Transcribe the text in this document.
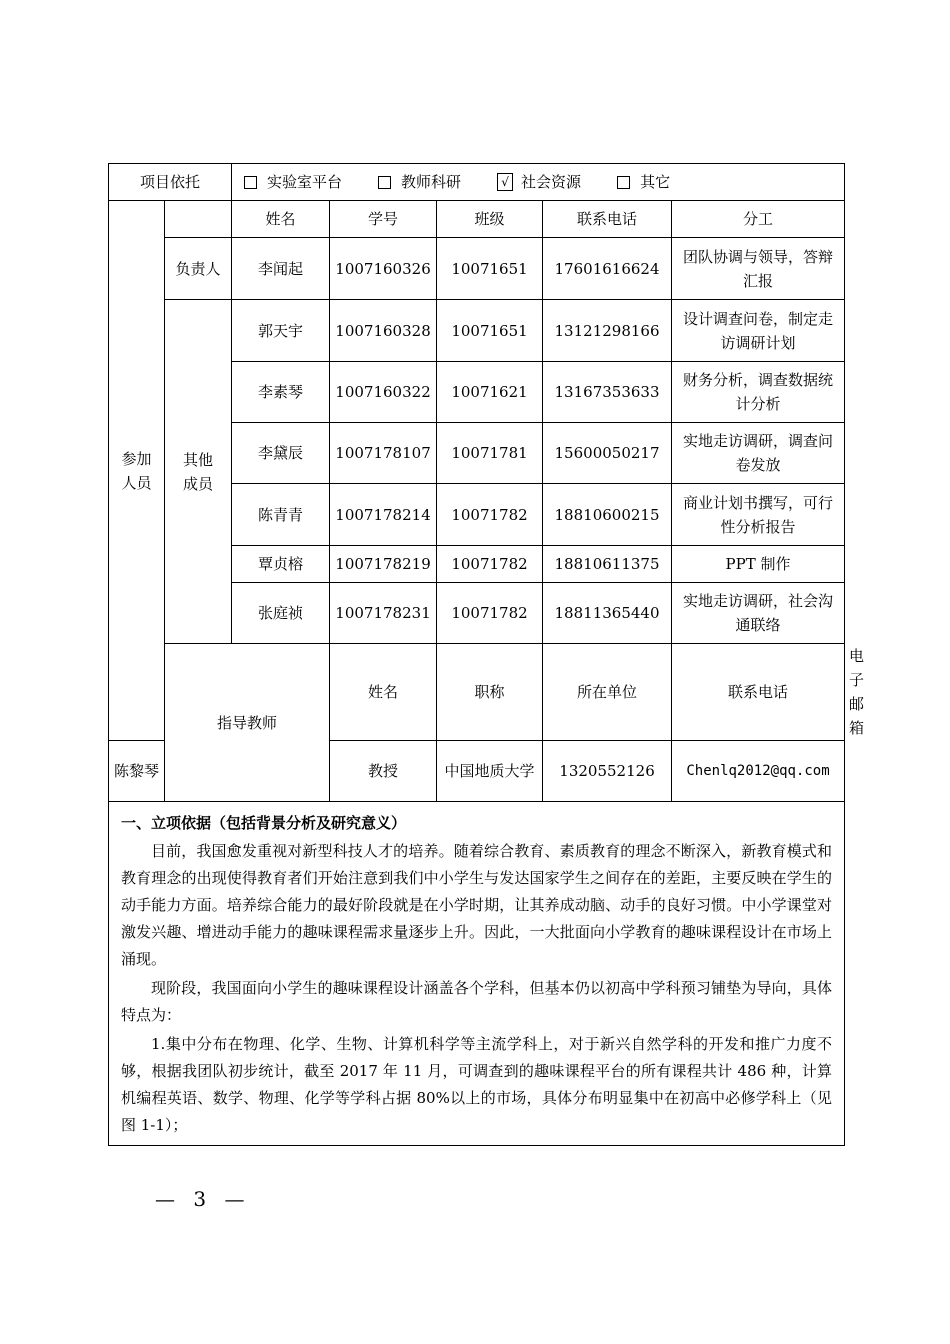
项目依托		实验室平台 教师科研 √ 社会资源 其它					

参加人员		姓名	学号	班级	联系电话	分工	
	负责人	李闻起	1007160326	10071651	17601616624	团队协调与领导，答辩汇报	

	其他成员	郭天宇	1007160328	10071651	13121298166	设计调查问卷，制定走访调研计划	
		李素琴	1007160322	10071621	13167353633	财务分析，调查数据统计分析	
		李黛辰	1007178107	10071781	15600050217	实地走访调研，调查问卷发放	
		陈青青	1007178214	10071782	18810600215	商业计划书撰写，可行性分析报告	
		覃贞榕	1007178219	10071782	18810611375	PPT 制作	
		张庭祯	1007178231	10071782	18811365440	实地走访调研，社会沟通联络	
	指导教师		姓名	职称	所在单位	联系电话	电子邮箱
陈黎琴			教授	中国地质大学	1320552126	Chenlq2012@qq.com	

一、立项依据（包括背景分析及研究意义）

目前，我国愈发重视对新型科技人才的培养。随着综合教育、素质教育的理念不断深入，新教育模式和教育理念的出现使得教育者们开始注意到我们中小学生与发达国家学生之间存在的差距，主要反映在学生的动手能力方面。培养综合能力的最好阶段就是在小学时期，让其养成动脑、动手的良好习惯。中小学课堂对激发兴趣、增进动手能力的趣味课程需求量逐步上升。因此，一大批面向小学教育的趣味课程设计在市场上涌现。

现阶段，我国面向小学生的趣味课程设计涵盖各个学科，但基本仍以初高中学科预习铺垫为导向，具体特点为：

1.集中分布在物理、化学、生物、计算机科学等主流学科上，对于新兴自然学科的开发和推广力度不够，根据我团队初步统计，截至 2017 年 11 月，可调查到的趣味课程平台的所有课程共计 486 种，计算机编程英语、数学、物理、化学等学科占据 80%以上的市场，具体分布明显集中在初高中必修学科上（见图 1-1）；							

— 3 —
